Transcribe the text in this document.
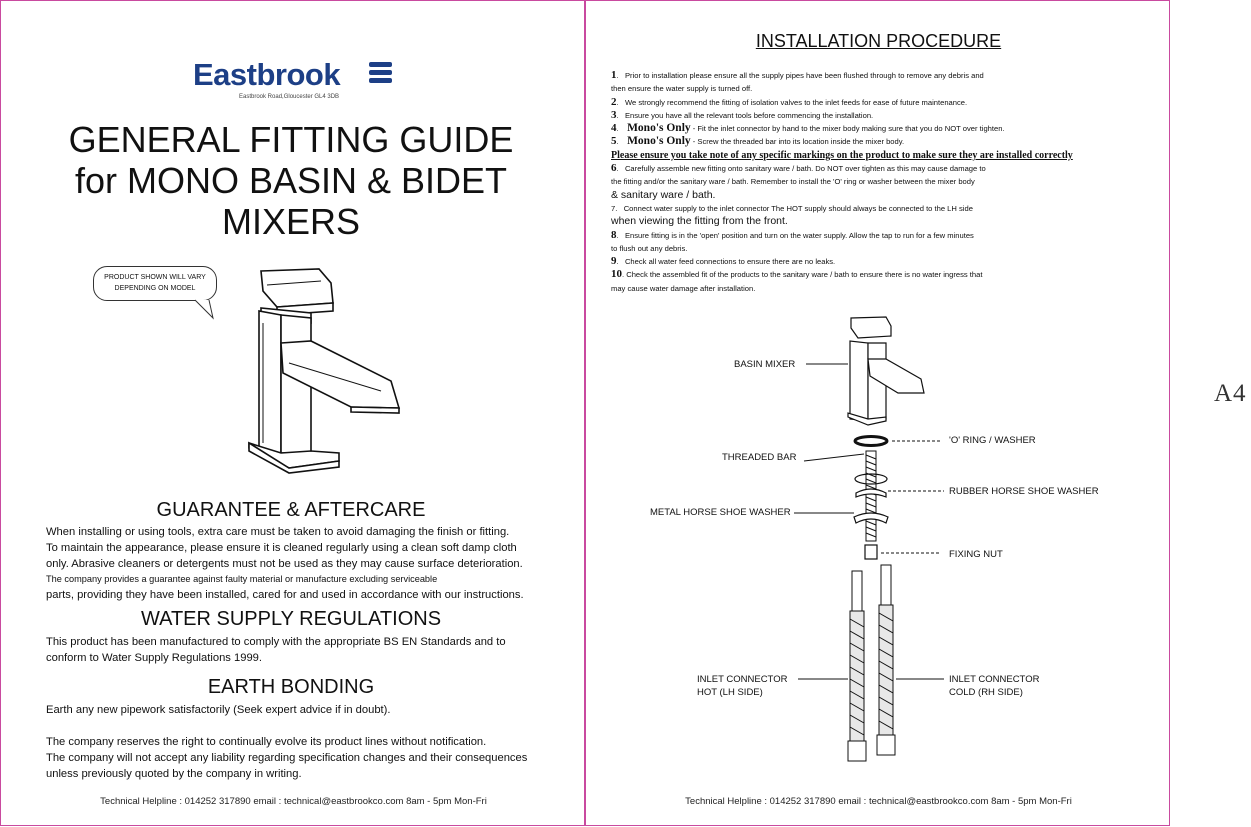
Eastbrook
Eastbrook Road,Gloucester GL4 3DB
GENERAL FITTING GUIDE
for MONO BASIN & BIDET
MIXERS
PRODUCT SHOWN WILL VARY
DEPENDING ON MODEL
GUARANTEE & AFTERCARE
When installing or using tools, extra care must be taken to avoid damaging the finish or fitting.
To maintain the appearance, please ensure it is cleaned regularly using a clean soft damp cloth
only. Abrasive cleaners or detergents must not be used as they may cause surface deterioration.
The company provides a guarantee against faulty material or manufacture excluding serviceable
parts, providing they have been installed, cared for and used in accordance with our instructions.
WATER SUPPLY REGULATIONS
This product has been manufactured to comply with the appropriate BS EN Standards and to
conform to Water Supply Regulations 1999.
EARTH BONDING
Earth any new pipework satisfactorily (Seek expert advice if in doubt).
The company reserves the right to continually evolve its product lines without notification.
The company will not accept any liability regarding specification changes and their consequences
unless previously quoted by the company in writing.
Technical Helpline : 014252 317890 email : technical@eastbrookco.com 8am - 5pm Mon-Fri
INSTALLATION PROCEDURE
1.   Prior to installation please ensure all the supply pipes have been flushed through to remove any debris and
then ensure the water supply is turned off.
2.   We strongly recommend the fitting of isolation valves to the inlet feeds for ease of future maintenance.
3.   Ensure you have all the relevant tools before commencing the installation.
4.    Mono's Only - Fit the inlet connector by hand to the mixer body making sure that you do NOT over tighten.
5.    Mono's Only - Screw the threaded bar into its location inside the mixer body.
Please ensure you take note of any specific markings on the product to make sure they are installed correctly
6.   Carefully assemble new fitting onto sanitary ware / bath. Do NOT over tighten as this may cause damage to
the fitting and/or the sanitary ware / bath. Remember to install the 'O' ring or washer between the mixer body
& sanitary ware / bath.
7.   Connect water supply to the inlet connector The HOT supply should always be connected to the LH side
when viewing the fitting from the front.
8.   Ensure fitting is in the 'open' position and turn on the water supply. Allow the tap to run for a few minutes
to flush out any debris.
9.   Check all water feed connections to ensure there are no leaks.
10. Check the assembled fit of the products to the sanitary ware / bath to ensure there is no water ingress that
may cause water damage after installation.
BASIN MIXER
'O' RING / WASHER
THREADED BAR
RUBBER HORSE SHOE WASHER
METAL HORSE SHOE WASHER
FIXING NUT
INLET CONNECTOR
HOT (LH SIDE)
INLET CONNECTOR
COLD (RH SIDE)
Technical Helpline : 014252 317890 email : technical@eastbrookco.com 8am - 5pm Mon-Fri
A4
